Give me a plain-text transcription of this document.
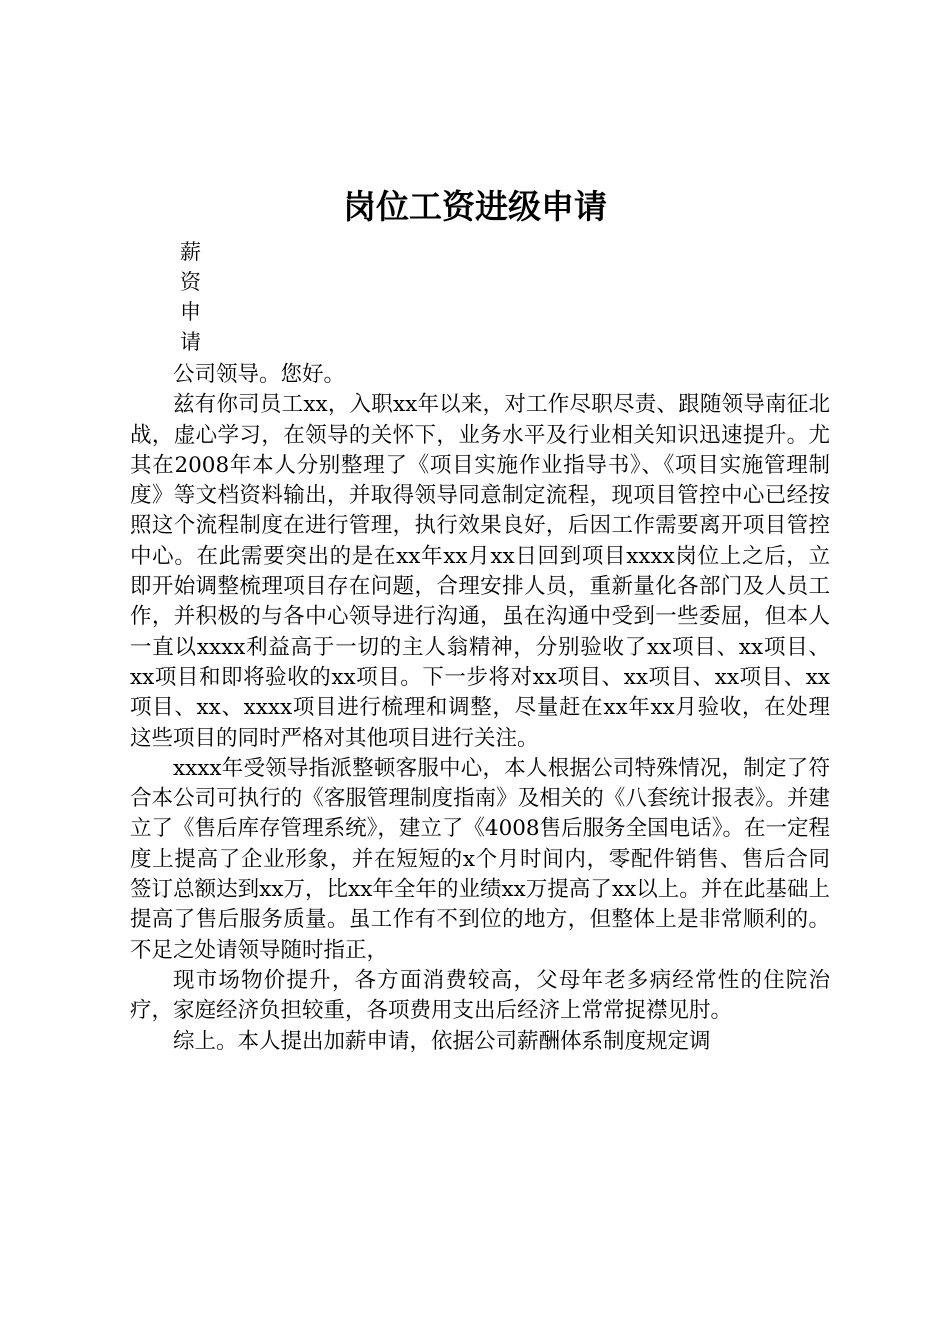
岗位工资进级申请
薪
资
申
请

公司领导。您好。

兹有你司员工xx，入职xx年以来，对工作尽职尽责、跟随领导南征北战，虚心学习，在领导的关怀下，业务水平及行业相关知识迅速提升。尤其在2008年本人分别整理了《项目实施作业指导书》、《项目实施管理制度》等文档资料输出，并取得领导同意制定流程，现项目管控中心已经按照这个流程制度在进行管理，执行效果良好，后因工作需要离开项目管控中心。在此需要突出的是在xx年xx月xx日回到项目xxxx岗位上之后，立即开始调整梳理项目存在问题，合理安排人员，重新量化各部门及人员工作，并积极的与各中心领导进行沟通，虽在沟通中受到一些委屈，但本人一直以xxxx利益高于一切的主人翁精神，分别验收了xx项目、xx项目、xx项目和即将验收的xx项目。下一步将对xx项目、xx项目、xx项目、xx项目、xx、xxxx项目进行梳理和调整，尽量赶在xx年xx月验收，在处理这些项目的同时严格对其他项目进行关注。

xxxx年受领导指派整顿客服中心，本人根据公司特殊情况，制定了符合本公司可执行的《客服管理制度指南》及相关的《八套统计报表》。并建立了《售后库存管理系统》，建立了《4008售后服务全国电话》。在一定程度上提高了企业形象，并在短短的x个月时间内，零配件销售、售后合同签订总额达到xx万，比xx年全年的业绩xx万提高了xx以上。并在此基础上提高了售后服务质量。虽工作有不到位的地方，但整体上是非常顺利的。不足之处请领导随时指正，

现市场物价提升，各方面消费较高，父母年老多病经常性的住院治疗，家庭经济负担较重，各项费用支出后经济上常常捉襟见肘。

综上。本人提出加薪申请，依据公司薪酬体系制度规定调
